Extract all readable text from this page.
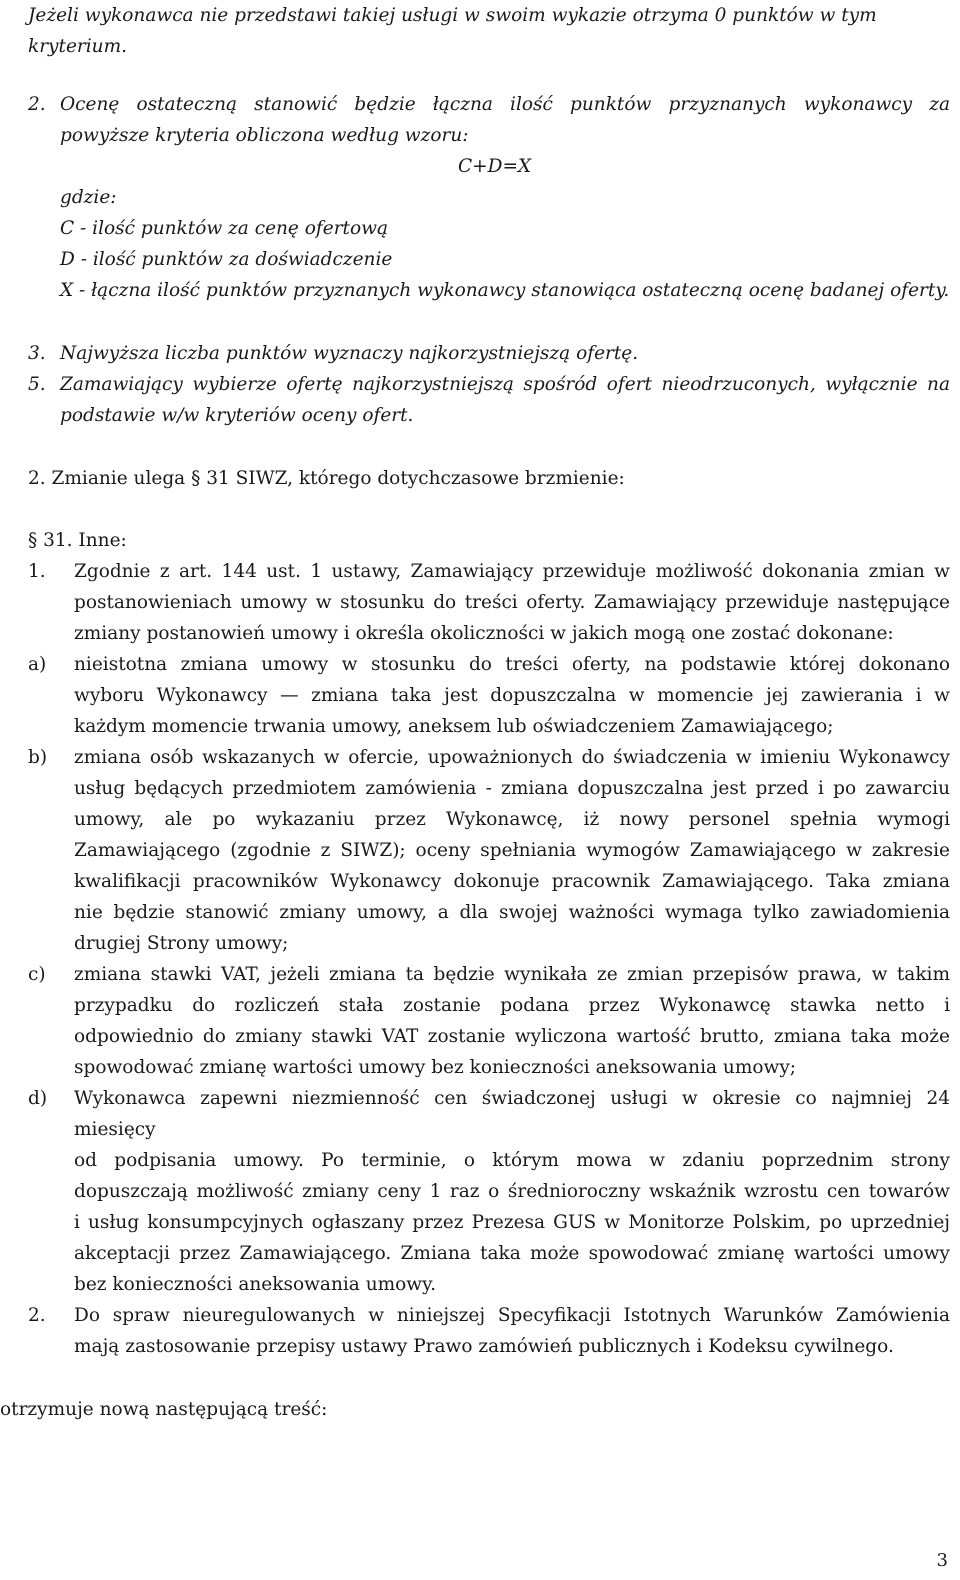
Jeżeli wykonawca nie przedstawi takiej usługi w swoim wykazie otrzyma 0 punktów w tym
kryterium.
2. Ocenę ostateczną stanowić będzie łączna ilość punktów przyznanych wykonawcy za
powyższe kryteria obliczona według wzoru:
C+D=X
gdzie:
C - ilość punktów za cenę ofertową
D - ilość punktów za doświadczenie
X - łączna ilość punktów przyznanych wykonawcy stanowiąca ostateczną ocenę badanej oferty.
3. Najwyższa liczba punktów wyznaczy najkorzystniejszą ofertę.
5. Zamawiający wybierze ofertę najkorzystniejszą spośród ofert nieodrzuconych, wyłącznie na
podstawie w/w kryteriów oceny ofert.
2. Zmianie ulega § 31 SIWZ, którego dotychczasowe brzmienie:
§ 31. Inne:
1. Zgodnie z art. 144 ust. 1 ustawy, Zamawiający przewiduje możliwość dokonania zmian w
postanowieniach umowy w stosunku do treści oferty. Zamawiający przewiduje następujące
zmiany postanowień umowy i określa okoliczności w jakich mogą one zostać dokonane:
a) nieistotna zmiana umowy w stosunku do treści oferty, na podstawie której dokonano
wyboru Wykonawcy — zmiana taka jest dopuszczalna w momencie jej zawierania i w
każdym momencie trwania umowy, aneksem lub oświadczeniem Zamawiającego;
b) zmiana osób wskazanych w ofercie, upoważnionych do świadczenia w imieniu Wykonawcy
usług będących przedmiotem zamówienia - zmiana dopuszczalna jest przed i po zawarciu
umowy, ale po wykazaniu przez Wykonawcę, iż nowy personel spełnia wymogi
Zamawiającego (zgodnie z SIWZ); oceny spełniania wymogów Zamawiającego w zakresie
kwalifikacji pracowników Wykonawcy dokonuje pracownik Zamawiającego. Taka zmiana
nie będzie stanowić zmiany umowy, a dla swojej ważności wymaga tylko zawiadomienia
drugiej Strony umowy;
c) zmiana stawki VAT, jeżeli zmiana ta będzie wynikała ze zmian przepisów prawa, w takim
przypadku do rozliczeń stała zostanie podana przez Wykonawcę stawka netto i
odpowiednio do zmiany stawki VAT zostanie wyliczona wartość brutto, zmiana taka może
spowodować zmianę wartości umowy bez konieczności aneksowania umowy;
d) Wykonawca zapewni niezmienność cen świadczonej usługi w okresie co najmniej 24
miesięcy
od podpisania umowy. Po terminie, o którym mowa w zdaniu poprzednim strony
dopuszczają możliwość zmiany ceny 1 raz o średnioroczny wskaźnik wzrostu cen towarów
i usług konsumpcyjnych ogłaszany przez Prezesa GUS w Monitorze Polskim, po uprzedniej
akceptacji przez Zamawiającego. Zmiana taka może spowodować zmianę wartości umowy
bez konieczności aneksowania umowy.
2. Do spraw nieuregulowanych w niniejszej Specyfikacji Istotnych Warunków Zamówienia
mają zastosowanie przepisy ustawy Prawo zamówień publicznych i Kodeksu cywilnego.
otrzymuje nową następującą treść:
3
